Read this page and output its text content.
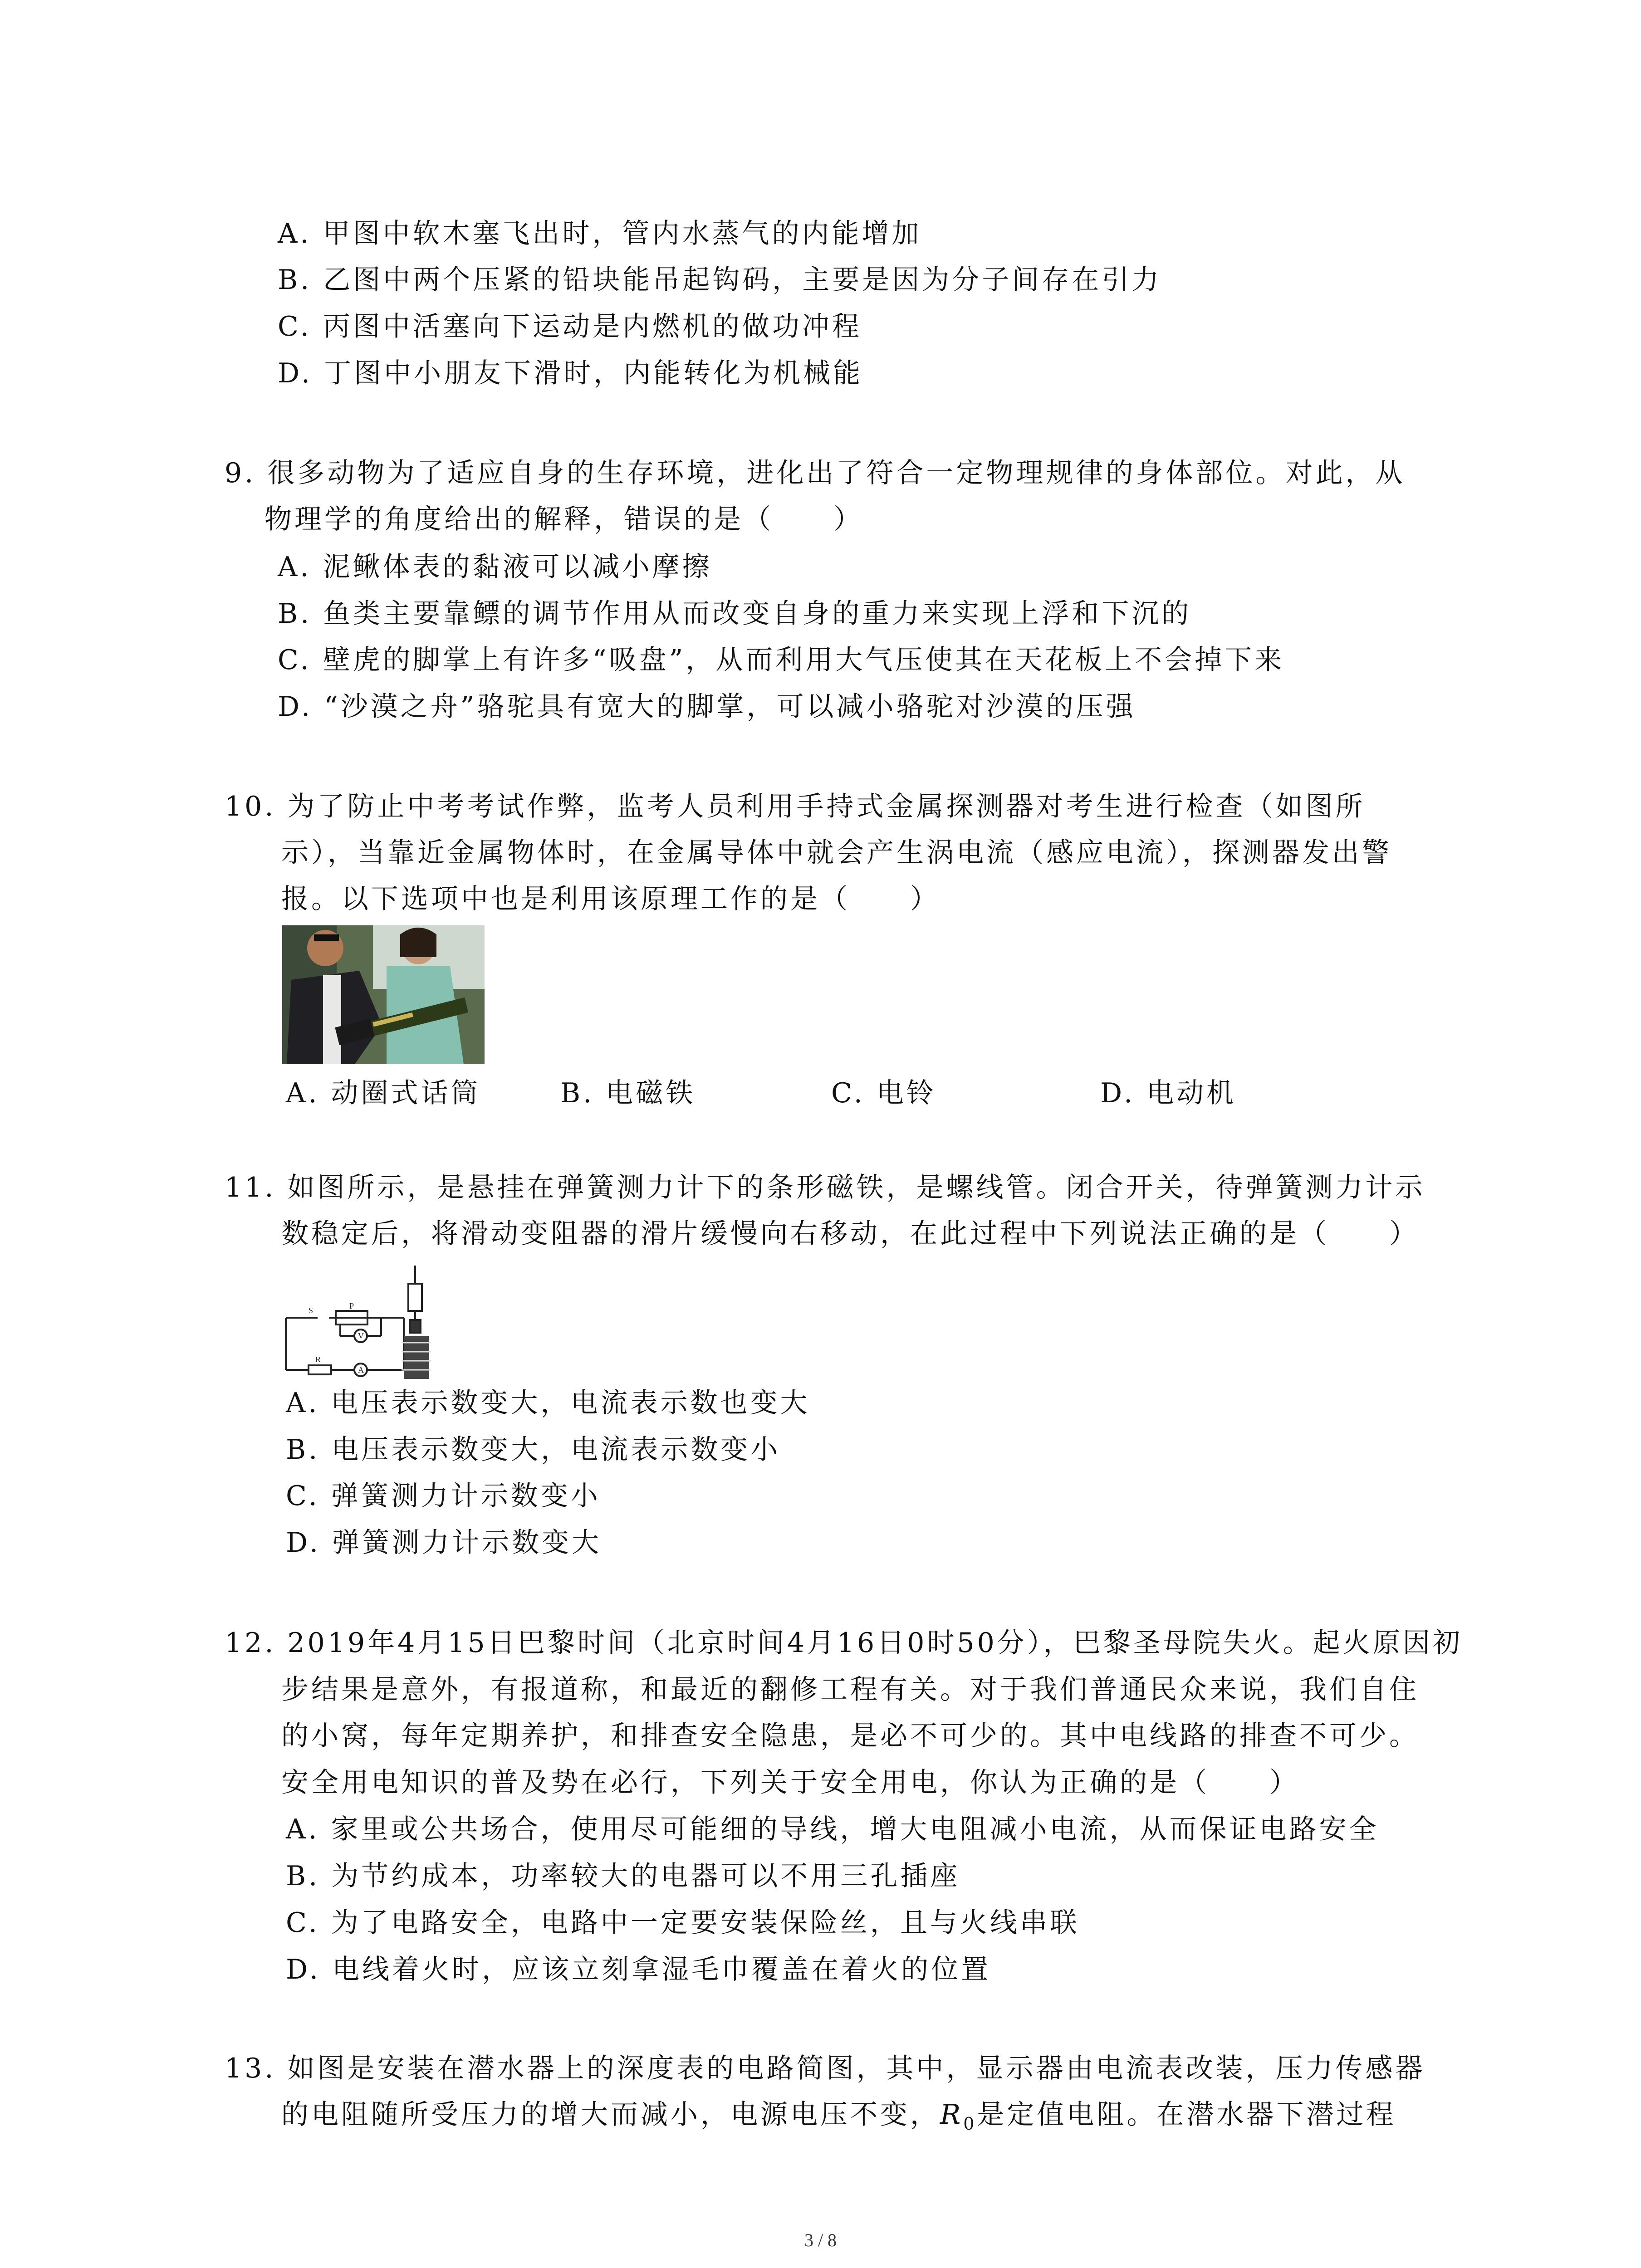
A. 甲图中软木塞飞出时，管内水蒸气的内能增加
B. 乙图中两个压紧的铅块能吊起钩码，主要是因为分子间存在引力
C. 丙图中活塞向下运动是内燃机的做功冲程
D. 丁图中小朋友下滑时，内能转化为机械能
9. 很多动物为了适应自身的生存环境，进化出了符合一定物理规律的身体部位。对此，从
物理学的角度给出的解释，错误的是（　　）
A. 泥鳅体表的黏液可以减小摩擦
B. 鱼类主要靠鳔的调节作用从而改变自身的重力来实现上浮和下沉的
C. 壁虎的脚掌上有许多“吸盘”，从而利用大气压使其在天花板上不会掉下来
D. “沙漠之舟”骆驼具有宽大的脚掌，可以减小骆驼对沙漠的压强
10. 为了防止中考考试作弊，监考人员利用手持式金属探测器对考生进行检查（如图所
示），当靠近金属物体时，在金属导体中就会产生涡电流（感应电流），探测器发出警
报。以下选项中也是利用该原理工作的是（　　）
A. 动圈式话筒	B. 电磁铁	C. 电铃	D. 电动机
11. 如图所示，是悬挂在弹簧测力计下的条形磁铁，是螺线管。闭合开关，待弹簧测力计示
数稳定后，将滑动变阻器的滑片缓慢向右移动，在此过程中下列说法正确的是（　　）
S
V
A
R
P
A. 电压表示数变大，电流表示数也变大
B. 电压表示数变大，电流表示数变小
C. 弹簧测力计示数变小
D. 弹簧测力计示数变大
12. 2019年4月15日巴黎时间（北京时间4月16日0时50分），巴黎圣母院失火。起火原因初
步结果是意外，有报道称，和最近的翻修工程有关。对于我们普通民众来说，我们自住
的小窝，每年定期养护，和排查安全隐患，是必不可少的。其中电线路的排查不可少。
安全用电知识的普及势在必行，下列关于安全用电，你认为正确的是（　　）
A. 家里或公共场合，使用尽可能细的导线，增大电阻减小电流，从而保证电路安全
B. 为节约成本，功率较大的电器可以不用三孔插座
C. 为了电路安全，电路中一定要安装保险丝，且与火线串联
D. 电线着火时，应该立刻拿湿毛巾覆盖在着火的位置
13. 如图是安装在潜水器上的深度表的电路简图，其中，显示器由电流表改装，压力传感器
的电阻随所受压力的增大而减小，电源电压不变，$R_0$是定值电阻。在潜水器下潜过程
3 / 8
